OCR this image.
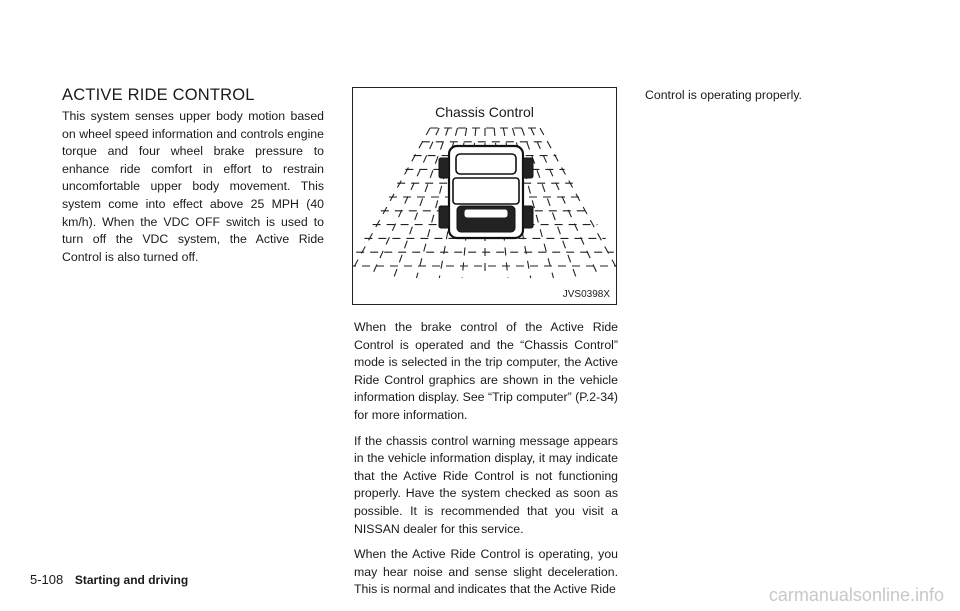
ACTIVE RIDE CONTROL

This system senses upper body motion based on wheel speed information and controls engine torque and four wheel brake pressure to enhance ride comfort in effort to restrain uncomfortable upper body movement. This system come into effect above 25 MPH (40 km/h). When the VDC OFF switch is used to turn off the VDC system, the Active Ride Control is also turned off.

Chassis Control
JVS0398X

When the brake control of the Active Ride Control is operated and the “Chassis Control” mode is selected in the trip computer, the Active Ride Control graphics are shown in the vehicle information display. See “Trip computer” (P.2-34) for more information.

If the chassis control warning message appears in the vehicle information display, it may indicate that the Active Ride Control is not functioning properly. Have the system checked as soon as possible. It is recommended that you visit a NISSAN dealer for this service.

When the Active Ride Control is operating, you may hear noise and sense slight deceleration. This is normal and indicates that the Active Ride

Control is operating properly.

5-108 Starting and driving
carmanualsonline.info
